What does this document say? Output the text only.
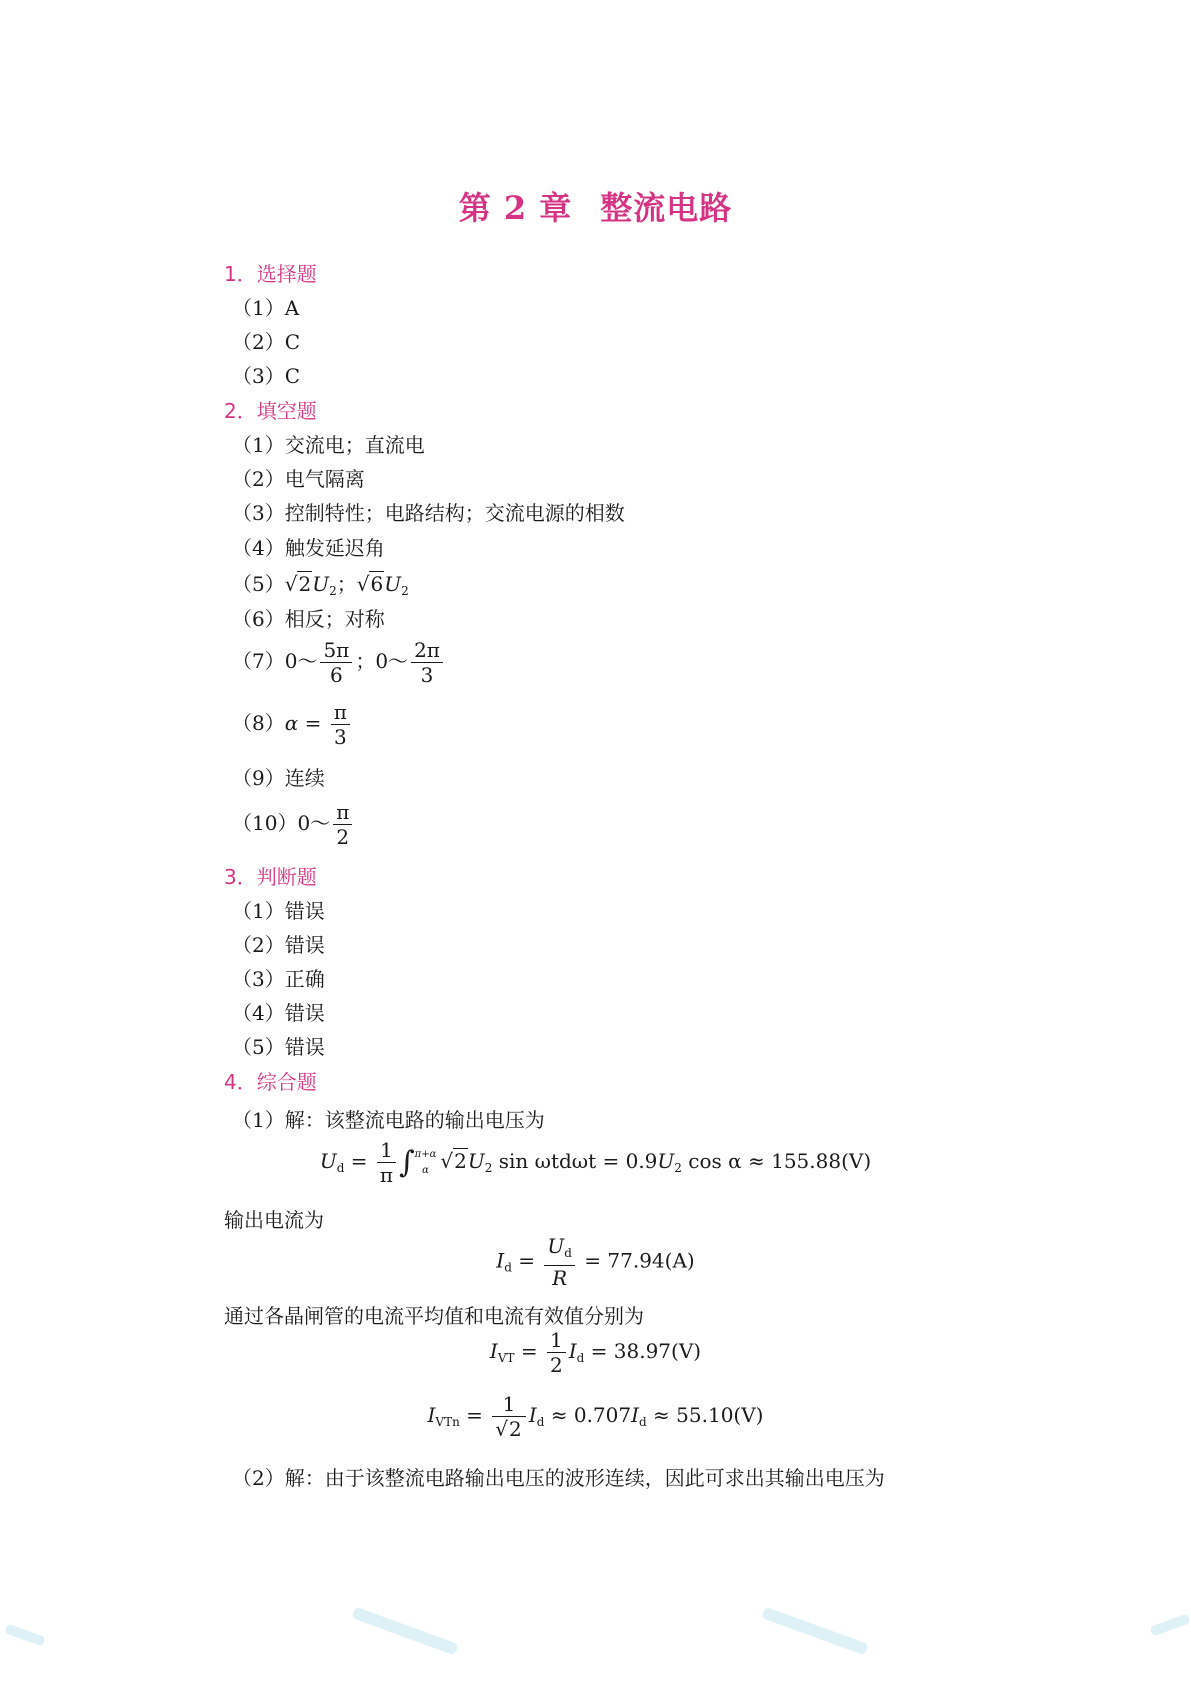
第 2 章 整流电路
1．选择题
（1）A
（2）C
（3）C
2．填空题
（1）交流电；直流电
（2）电气隔离
（3）控制特性；电路结构；交流电源的相数
（4）触发延迟角
$(5)√2U_2$；$√6U_2$
（6）相反；对称
（7）0～ $\frac{5\pi}{6}$ ；0～ $\frac{2\pi}{3}$
$(8)\alpha = \frac{\pi}{3}$
（9）连续
（10）0～ $\frac{\pi}{2}$
3．判断题
（1）错误
（2）错误
（3）正确
（4）错误
（5）错误
4．综合题
（1）解：该整流电路的输出电压为
$U_d = \frac{1}{\pi}$ ∫ π+α
α $√2U_2$ $\sin \omega td\omega t = 0.9U_2$ cos α ≈ 155.88(V)
输出电流为
$I_d = \frac{U_d}{R} = 77.94(A)$
通过各晶闸管的电流平均值和电流有效值分别为
$I_{VT} = \frac{1}{2} I_d = 38.97(V)$
$I_{VTn} = \frac{1}{√2} I_d \approx 0.707I_d \approx 55.10(V)$
（2）解：由于该整流电路输出电压的波形连续，因此可求出其输出电压为
